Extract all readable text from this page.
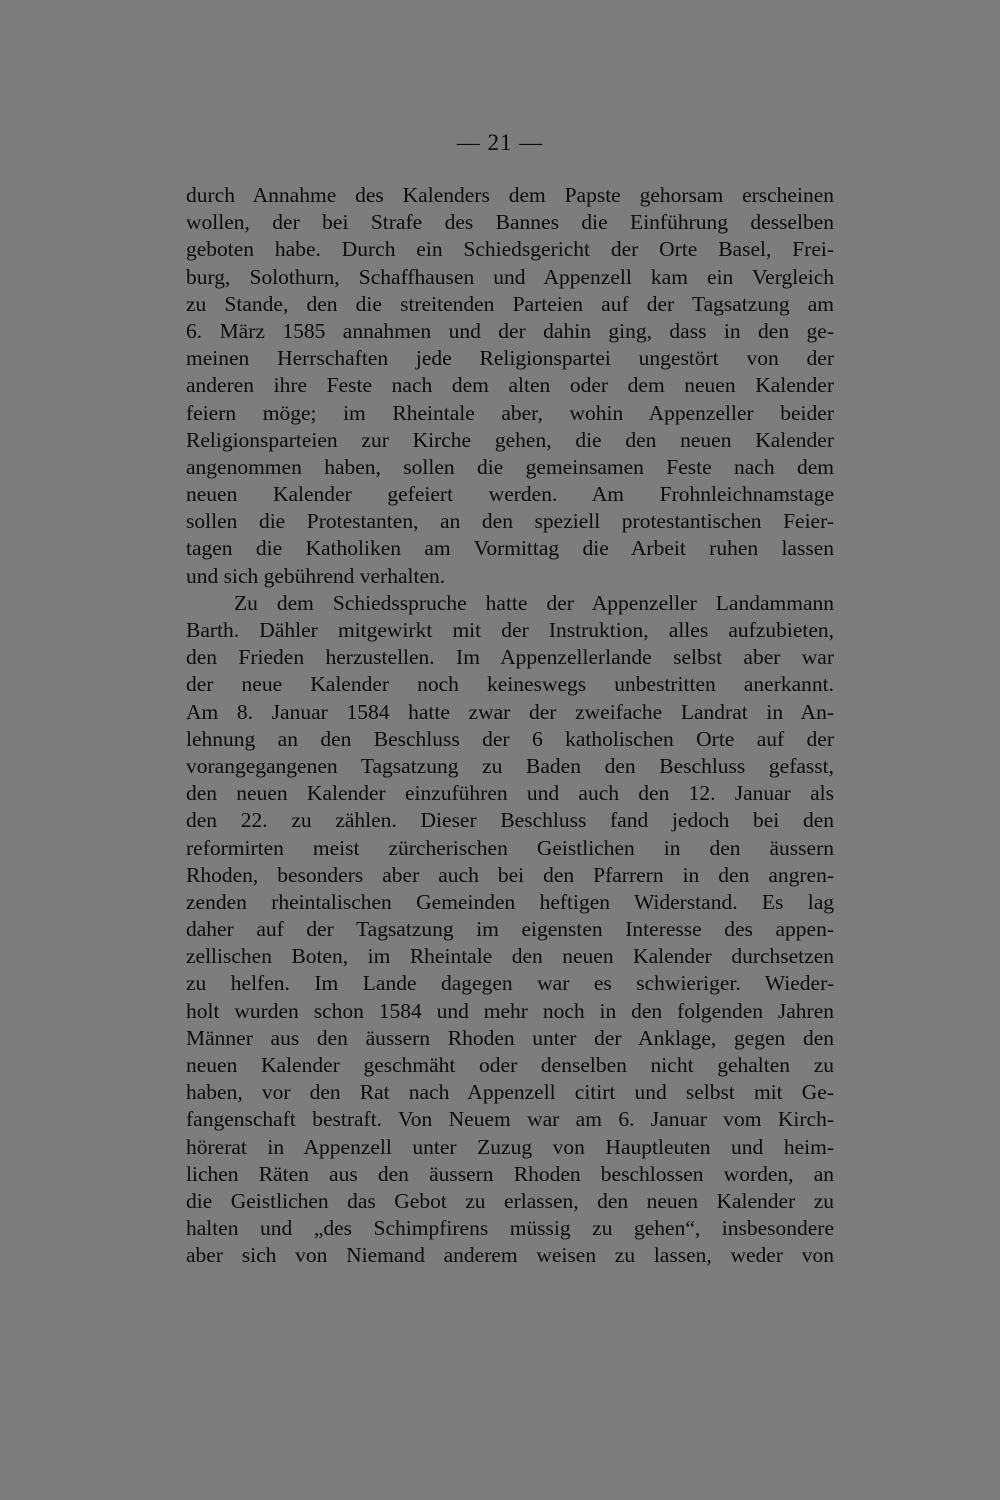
— 21 —
durch Annahme des Kalenders dem Papste gehorsam erscheinen
wollen, der bei Strafe des Bannes die Einführung desselben
geboten habe. Durch ein Schiedsgericht der Orte Basel, Frei-
burg, Solothurn, Schaffhausen und Appenzell kam ein Vergleich
zu Stande, den die streitenden Parteien auf der Tagsatzung am
6. März 1585 annahmen und der dahin ging, dass in den ge-
meinen Herrschaften jede Religionspartei ungestört von der
anderen ihre Feste nach dem alten oder dem neuen Kalender
feiern möge; im Rheintale aber, wohin Appenzeller beider
Religionsparteien zur Kirche gehen, die den neuen Kalender
angenommen haben, sollen die gemeinsamen Feste nach dem
neuen Kalender gefeiert werden. Am Frohnleichnamstage
sollen die Protestanten, an den speziell protestantischen Feier-
tagen die Katholiken am Vormittag die Arbeit ruhen lassen
und sich gebührend verhalten.
Zu dem Schiedsspruche hatte der Appenzeller Landammann
Barth. Dähler mitgewirkt mit der Instruktion, alles aufzubieten,
den Frieden herzustellen. Im Appenzellerlande selbst aber war
der neue Kalender noch keineswegs unbestritten anerkannt.
Am 8. Januar 1584 hatte zwar der zweifache Landrat in An-
lehnung an den Beschluss der 6 katholischen Orte auf der
vorangegangenen Tagsatzung zu Baden den Beschluss gefasst,
den neuen Kalender einzuführen und auch den 12. Januar als
den 22. zu zählen. Dieser Beschluss fand jedoch bei den
reformirten meist zürcherischen Geistlichen in den äussern
Rhoden, besonders aber auch bei den Pfarrern in den angren-
zenden rheintalischen Gemeinden heftigen Widerstand. Es lag
daher auf der Tagsatzung im eigensten Interesse des appen-
zellischen Boten, im Rheintale den neuen Kalender durchsetzen
zu helfen. Im Lande dagegen war es schwieriger. Wieder-
holt wurden schon 1584 und mehr noch in den folgenden Jahren
Männer aus den äussern Rhoden unter der Anklage, gegen den
neuen Kalender geschmäht oder denselben nicht gehalten zu
haben, vor den Rat nach Appenzell citirt und selbst mit Ge-
fangenschaft bestraft. Von Neuem war am 6. Januar vom Kirch-
hörerat in Appenzell unter Zuzug von Hauptleuten und heim-
lichen Räten aus den äussern Rhoden beschlossen worden, an
die Geistlichen das Gebot zu erlassen, den neuen Kalender zu
halten und „des Schimpfirens müssig zu gehen“, insbesondere
aber sich von Niemand anderem weisen zu lassen, weder von
